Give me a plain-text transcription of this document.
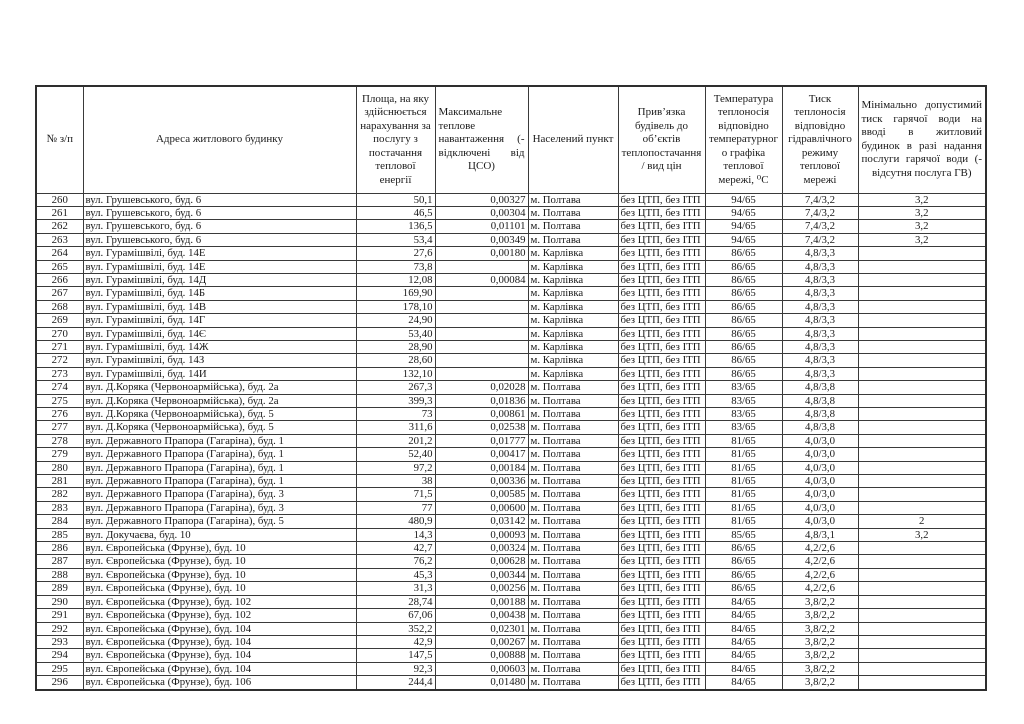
№ з/п	Адреса житлового будинку	Площа, на яку здійснюється нарахування за послугу з постачання теплової енергії	Максимальне теплове навантаження (-відключені від ЦСО)	Населений пункт	Прив’язка будівель до об’єктів теплопостачання/ вид цін	Температура теплоносія відповідно температурного графіка теплової мережі, ⁰С	Тиск теплоносія відповідно гідравлічного режиму теплової мережі	Мінімально допустимий тиск гарячої води на вводі в житловий будинок в разі надання послуги гарячої води (-відсутня послуга ГВ)
260	вул. Грушевського, буд. 6	50,1	0,00327	м. Полтава	без ЦТП, без ІТП	94/65	7,4/3,2	3,2
261	вул. Грушевського, буд. 6	46,5	0,00304	м. Полтава	без ЦТП, без ІТП	94/65	7,4/3,2	3,2
262	вул. Грушевського, буд. 6	136,5	0,01101	м. Полтава	без ЦТП, без ІТП	94/65	7,4/3,2	3,2
263	вул. Грушевського, буд. 6	53,4	0,00349	м. Полтава	без ЦТП, без ІТП	94/65	7,4/3,2	3,2
264	вул. Гурамішвілі, буд. 14Е	27,6	0,00180	м. Карлівка	без ЦТП, без ІТП	86/65	4,8/3,3	
265	вул. Гурамішвілі, буд. 14Е	73,8		м. Карлівка	без ЦТП, без ІТП	86/65	4,8/3,3	
266	вул. Гурамішвілі, буд. 14Д	12,08	0,00084	м. Карлівка	без ЦТП, без ІТП	86/65	4,8/3,3	
267	вул. Гурамішвілі, буд. 14Б	169,90		м. Карлівка	без ЦТП, без ІТП	86/65	4,8/3,3	
268	вул. Гурамішвілі, буд. 14В	178,10		м. Карлівка	без ЦТП, без ІТП	86/65	4,8/3,3	
269	вул. Гурамішвілі, буд. 14Г	24,90		м. Карлівка	без ЦТП, без ІТП	86/65	4,8/3,3	
270	вул. Гурамішвілі, буд. 14Є	53,40		м. Карлівка	без ЦТП, без ІТП	86/65	4,8/3,3	
271	вул. Гурамішвілі, буд. 14Ж	28,90		м. Карлівка	без ЦТП, без ІТП	86/65	4,8/3,3	
272	вул. Гурамішвілі, буд. 14З	28,60		м. Карлівка	без ЦТП, без ІТП	86/65	4,8/3,3	
273	вул. Гурамішвілі, буд. 14И	132,10		м. Карлівка	без ЦТП, без ІТП	86/65	4,8/3,3	
274	вул. Д.Коряка (Червоноармійська), буд. 2а	267,3	0,02028	м. Полтава	без ЦТП, без ІТП	83/65	4,8/3,8	
275	вул. Д.Коряка (Червоноармійська), буд. 2а	399,3	0,01836	м. Полтава	без ЦТП, без ІТП	83/65	4,8/3,8	
276	вул. Д.Коряка (Червоноармійська), буд. 5	73	0,00861	м. Полтава	без ЦТП, без ІТП	83/65	4,8/3,8	
277	вул. Д.Коряка (Червоноармійська), буд. 5	311,6	0,02538	м. Полтава	без ЦТП, без ІТП	83/65	4,8/3,8	
278	вул. Державного Прапора (Гагаріна), буд. 1	201,2	0,01777	м. Полтава	без ЦТП, без ІТП	81/65	4,0/3,0	
279	вул. Державного Прапора (Гагаріна), буд. 1	52,40	0,00417	м. Полтава	без ЦТП, без ІТП	81/65	4,0/3,0	
280	вул. Державного Прапора (Гагаріна), буд. 1	97,2	0,00184	м. Полтава	без ЦТП, без ІТП	81/65	4,0/3,0	
281	вул. Державного Прапора (Гагаріна), буд. 1	38	0,00336	м. Полтава	без ЦТП, без ІТП	81/65	4,0/3,0	
282	вул. Державного Прапора (Гагаріна), буд. 3	71,5	0,00585	м. Полтава	без ЦТП, без ІТП	81/65	4,0/3,0	
283	вул. Державного Прапора (Гагаріна), буд. 3	77	0,00600	м. Полтава	без ЦТП, без ІТП	81/65	4,0/3,0	
284	вул. Державного Прапора (Гагаріна), буд. 5	480,9	0,03142	м. Полтава	без ЦТП, без ІТП	81/65	4,0/3,0	2
285	вул. Докучаєва, буд. 10	14,3	0,00093	м. Полтава	без ЦТП, без ІТП	85/65	4,8/3,1	3,2
286	вул. Європейська (Фрунзе), буд. 10	42,7	0,00324	м. Полтава	без ЦТП, без ІТП	86/65	4,2/2,6	
287	вул. Європейська (Фрунзе), буд. 10	76,2	0,00628	м. Полтава	без ЦТП, без ІТП	86/65	4,2/2,6	
288	вул. Європейська (Фрунзе), буд. 10	45,3	0,00344	м. Полтава	без ЦТП, без ІТП	86/65	4,2/2,6	
289	вул. Європейська (Фрунзе), буд. 10	31,3	0,00256	м. Полтава	без ЦТП, без ІТП	86/65	4,2/2,6	
290	вул. Європейська (Фрунзе), буд. 102	28,74	0,00188	м. Полтава	без ЦТП, без ІТП	84/65	3,8/2,2	
291	вул. Європейська (Фрунзе), буд. 102	67,06	0,00438	м. Полтава	без ЦТП, без ІТП	84/65	3,8/2,2	
292	вул. Європейська (Фрунзе), буд. 104	352,2	0,02301	м. Полтава	без ЦТП, без ІТП	84/65	3,8/2,2	
293	вул. Європейська (Фрунзе), буд. 104	42,9	0,00267	м. Полтава	без ЦТП, без ІТП	84/65	3,8/2,2	
294	вул. Європейська (Фрунзе), буд. 104	147,5	0,00888	м. Полтава	без ЦТП, без ІТП	84/65	3,8/2,2	
295	вул. Європейська (Фрунзе), буд. 104	92,3	0,00603	м. Полтава	без ЦТП, без ІТП	84/65	3,8/2,2	
296	вул. Європейська (Фрунзе), буд. 106	244,4	0,01480	м. Полтава	без ЦТП, без ІТП	84/65	3,8/2,2	
